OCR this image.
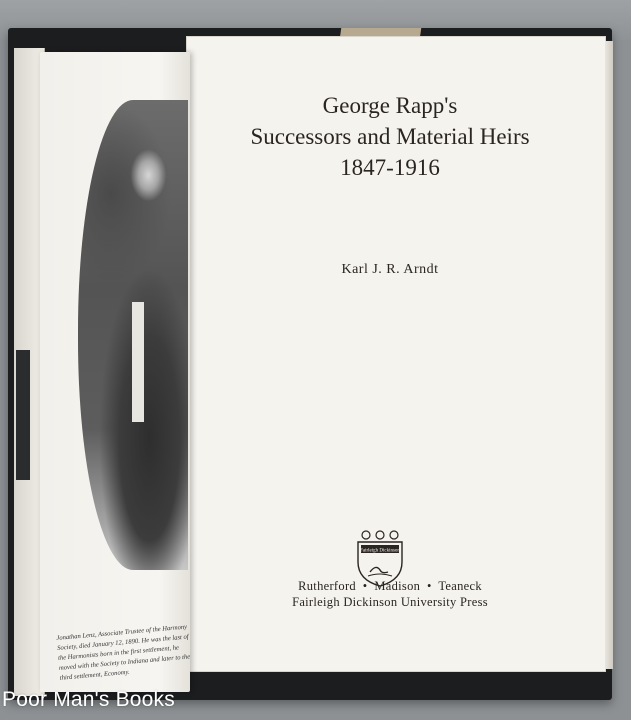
Jonathan Lenz, Associate Trustee of the Harmony Society, died January 12, 1890. He was the last of the Harmonists born in the first settlement, he moved with the Society to Indiana and later to the third settlement, Economy.
George Rapp's
Successors and Material Heirs
1847-1916
Karl J. R. Arndt
Fairleigh Dickinson
Rutherford  •  Madison  •  Teaneck
Fairleigh Dickinson University Press
Poor Man's Books
